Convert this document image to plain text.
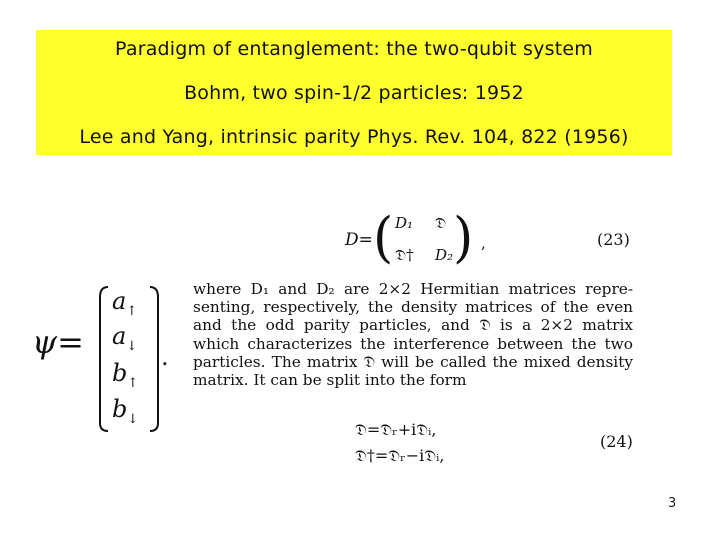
Paradigm of entanglement: the two-qubit system
Bohm, two spin-1/2 particles: 1952
Lee and Yang, intrinsic parity Phys. Rev. 104, 822 (1956)
D= ( D₁ 𝔇
𝔇† D₂ ) ,	(23)
ψ=
$a_↑$
$a_↓$
$b_↑$
$b_↓$
.
where D₁ and D₂ are 2×2 Hermitian matrices repre-
senting, respectively, the density matrices of the even
and the odd parity particles, and 𝔇 is a 2×2 matrix
which characterizes the interference between the two
particles. The matrix 𝔇 will be called the mixed density
matrix. It can be split into the form
𝔇=𝔇ᵣ+i𝔇ᵢ,
𝔇†=𝔇ᵣ−i𝔇ᵢ,
(24)
3
